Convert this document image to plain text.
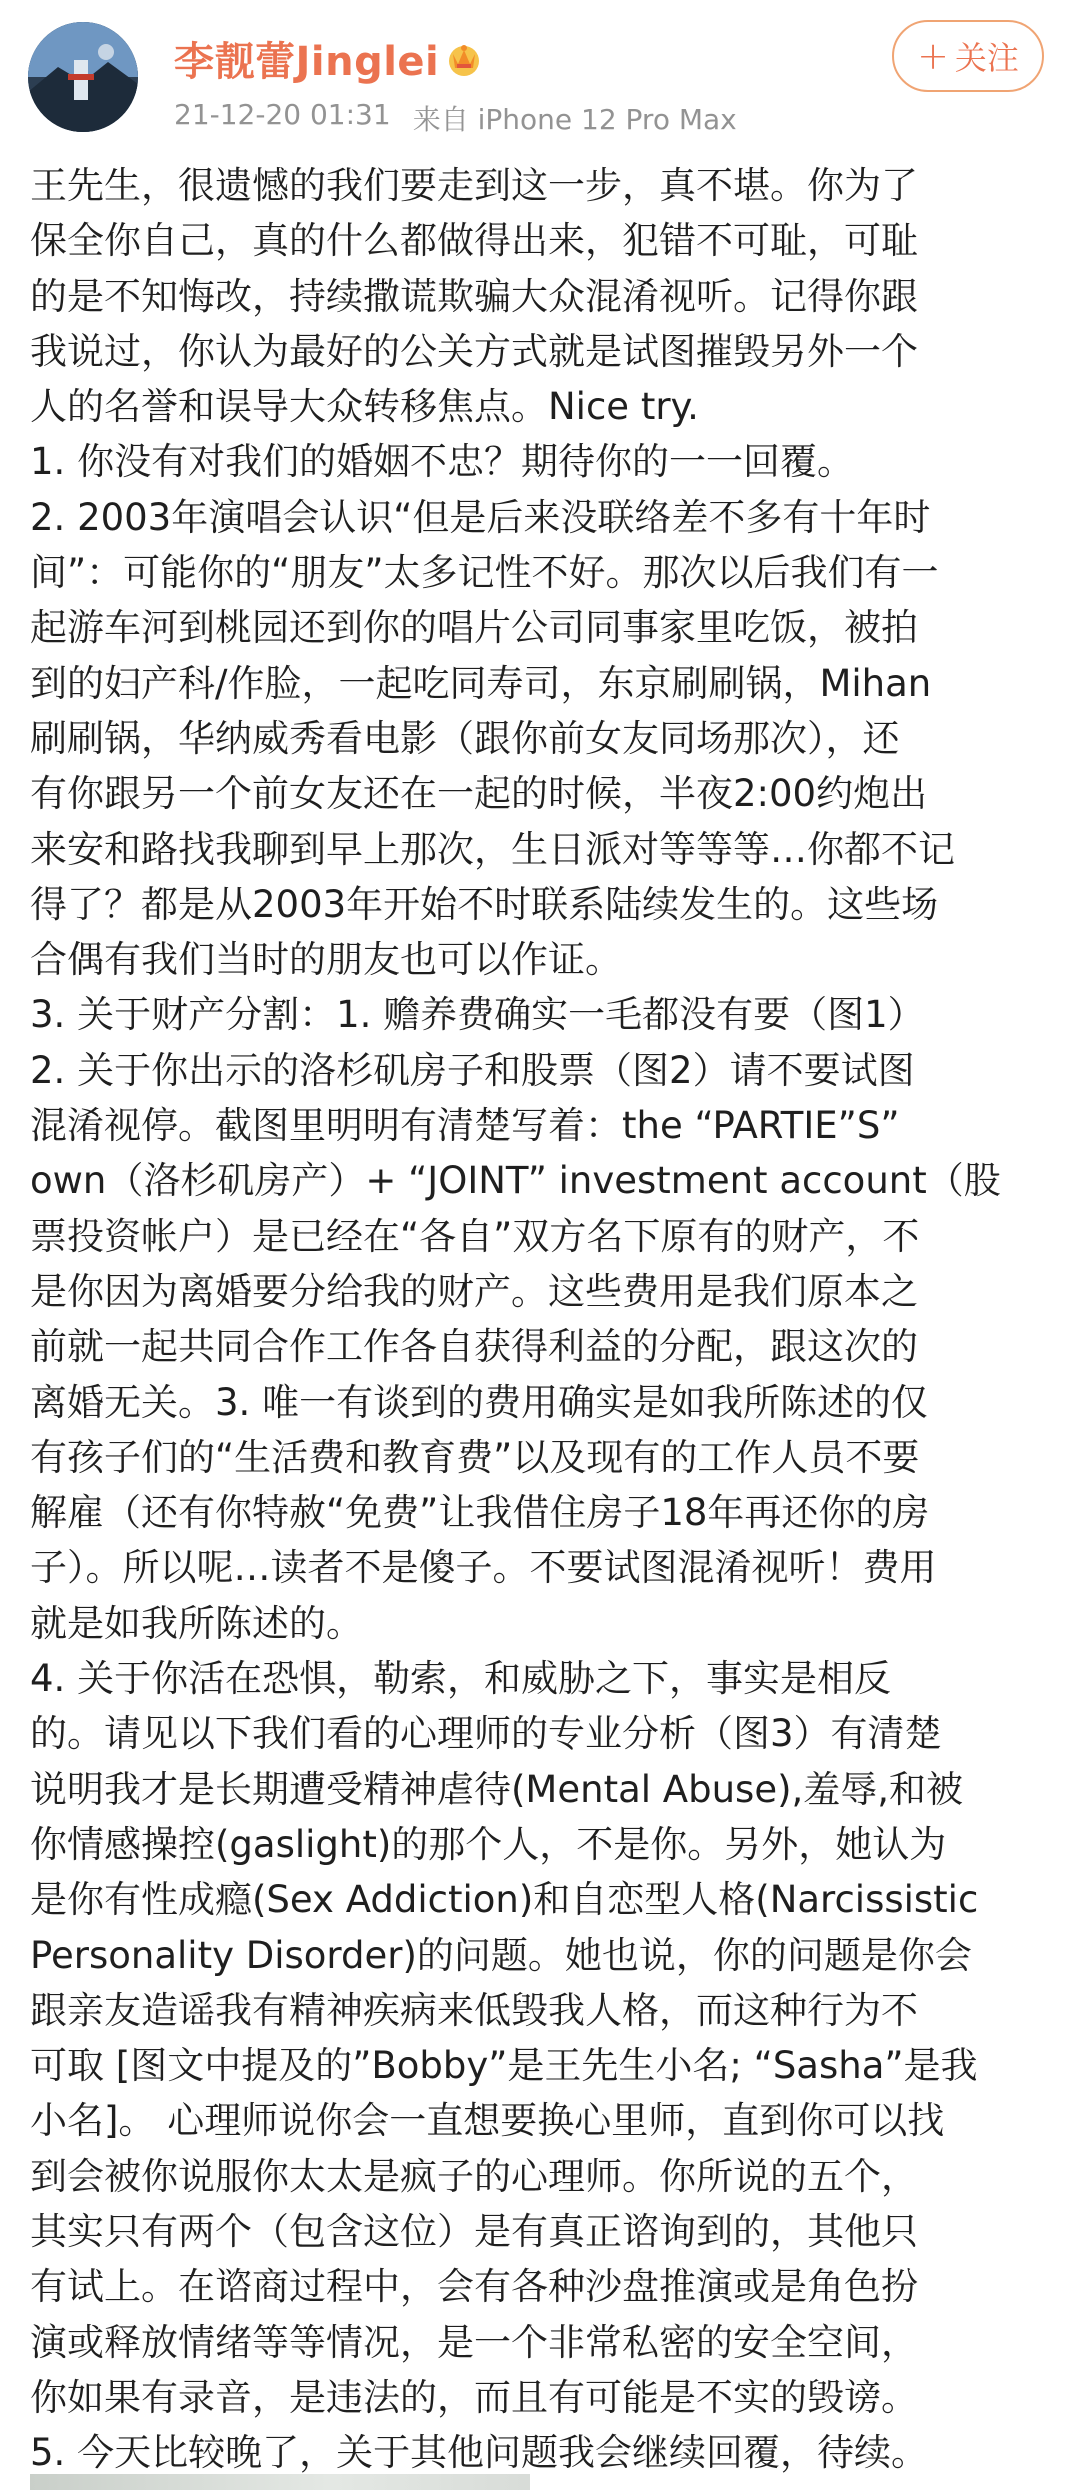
李靓蕾Jinglei
21-12-20 01:31 来自 iPhone 12 Pro Max
+ 关注
王先生，很遗憾的我们要走到这一步，真不堪。你为了
保全你自己，真的什么都做得出来，犯错不可耻，可耻
的是不知悔改，持续撒谎欺骗大众混淆视听。记得你跟
我说过，你认为最好的公关方式就是试图摧毁另外一个
人的名誉和误导大众转移焦点。Nice try.
1. 你没有对我们的婚姻不忠？期待你的一一回覆。
2. 2003年演唱会认识“但是后来没联络差不多有十年时
间”：可能你的“朋友”太多记性不好。那次以后我们有一
起游车河到桃园还到你的唱片公司同事家里吃饭，被拍
到的妇产科/作脸，一起吃同寿司，东京刷刷锅，Mihan
刷刷锅，华纳威秀看电影（跟你前女友同场那次），还
有你跟另一个前女友还在一起的时候，半夜2:00约炮出
来安和路找我聊到早上那次，生日派对等等等…你都不记
得了？都是从2003年开始不时联系陆续发生的。这些场
合偶有我们当时的朋友也可以作证。
3. 关于财产分割：1. 赡养费确实一毛都没有要（图1）
2. 关于你出示的洛杉矶房子和股票（图2）请不要试图
混淆视停。截图里明明有清楚写着：the “PARTIE”S”
own（洛杉矶房产）+ “JOINT” investment account（股
票投资帐户）是已经在“各自”双方名下原有的财产，不
是你因为离婚要分给我的财产。这些费用是我们原本之
前就一起共同合作工作各自获得利益的分配，跟这次的
离婚无关。3. 唯一有谈到的费用确实是如我所陈述的仅
有孩子们的“生活费和教育费”以及现有的工作人员不要
解雇（还有你特赦“免费”让我借住房子18年再还你的房
子）。所以呢…读者不是傻子。不要试图混淆视听！费用
就是如我所陈述的。
4. 关于你活在恐惧，勒索，和威胁之下，事实是相反
的。请见以下我们看的心理师的专业分析（图3）有清楚
说明我才是长期遭受精神虐待(Mental Abuse),羞辱,和被
你情感操控(gaslight)的那个人，不是你。另外，她认为
是你有性成瘾(Sex Addiction)和自恋型人格(Narcissistic
Personality Disorder)的问题。她也说，你的问题是你会
跟亲友造谣我有精神疾病来低毁我人格，而这种行为不
可取 [图文中提及的”Bobby”是王先生小名; “Sasha”是我
小名]。 心理师说你会一直想要换心里师，直到你可以找
到会被你说服你太太是疯子的心理师。你所说的五个，
其实只有两个（包含这位）是有真正谘询到的，其他只
有试上。在谘商过程中，会有各种沙盘推演或是角色扮
演或释放情绪等等情况，是一个非常私密的安全空间，
你如果有录音，是违法的，而且有可能是不实的毁谤。
5. 今天比较晚了，关于其他问题我会继续回覆，待续。
